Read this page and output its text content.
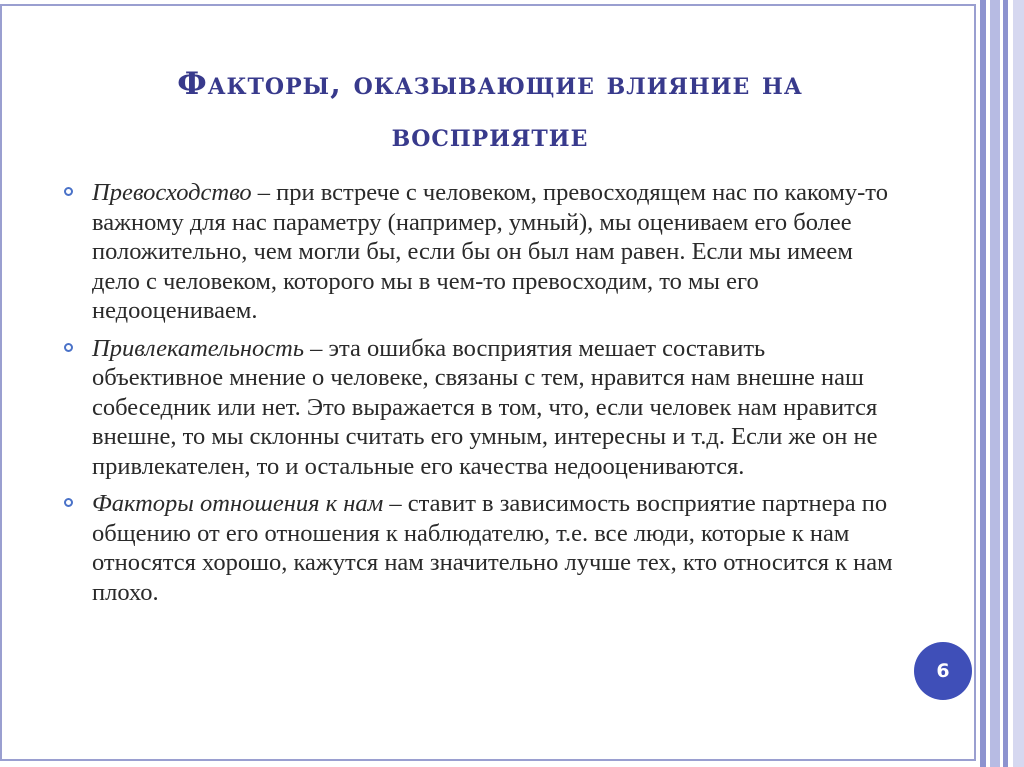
Факторы, оказывающие влияние на
восприятие
Превосходство – при встрече с человеком, превосходящем нас по какому-то важному для нас параметру (например, умный), мы оцениваем его более положительно, чем могли бы, если бы он был нам равен. Если мы имеем дело с человеком, которого мы в чем-то превосходим, то мы его недооцениваем.
Привлекательность – эта ошибка восприятия мешает составить объективное мнение о человеке, связаны с тем, нравится нам внешне наш собеседник или нет. Это выражается в том, что, если человек нам нравится внешне, то мы склонны считать его умным, интересны и т.д. Если же он не привлекателен, то и остальные его качества недооцениваются.
Факторы отношения к нам – ставит в зависимость восприятие партнера по общению от его отношения к наблюдателю, т.е. все люди, которые к нам относятся хорошо, кажутся нам значительно лучше тех, кто относится к нам плохо.
6
